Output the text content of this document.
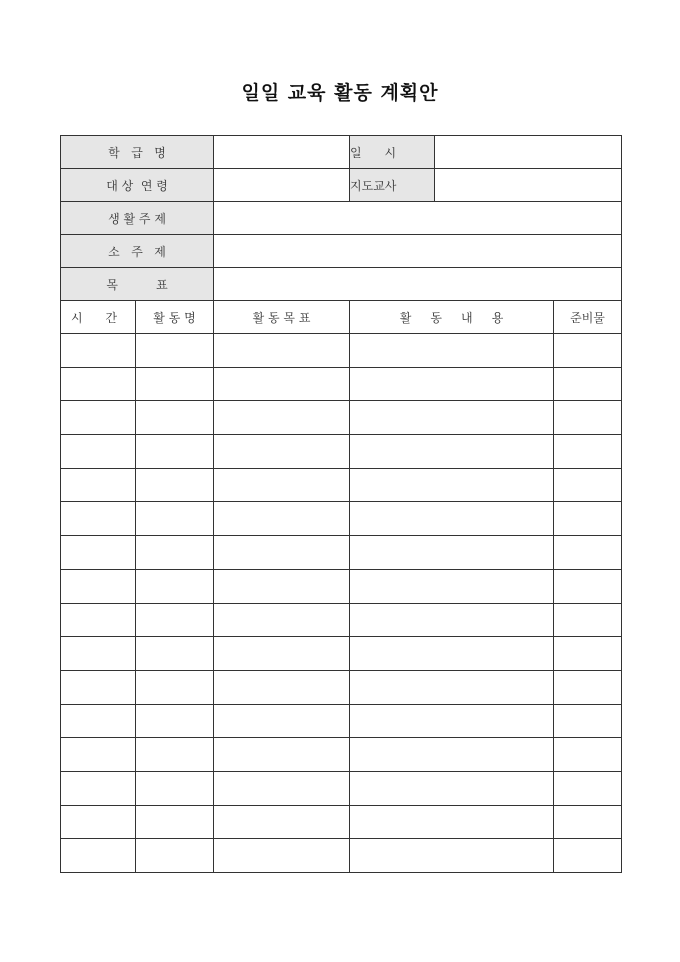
일일 교육 활동 계획안
학   급   명			일      시		
대 상  연 령			지도교사		
생 활 주 제					
소   주   제					
목          표					
시      간	활 동 명	활 동 목 표	활     동     내     용		준비물
